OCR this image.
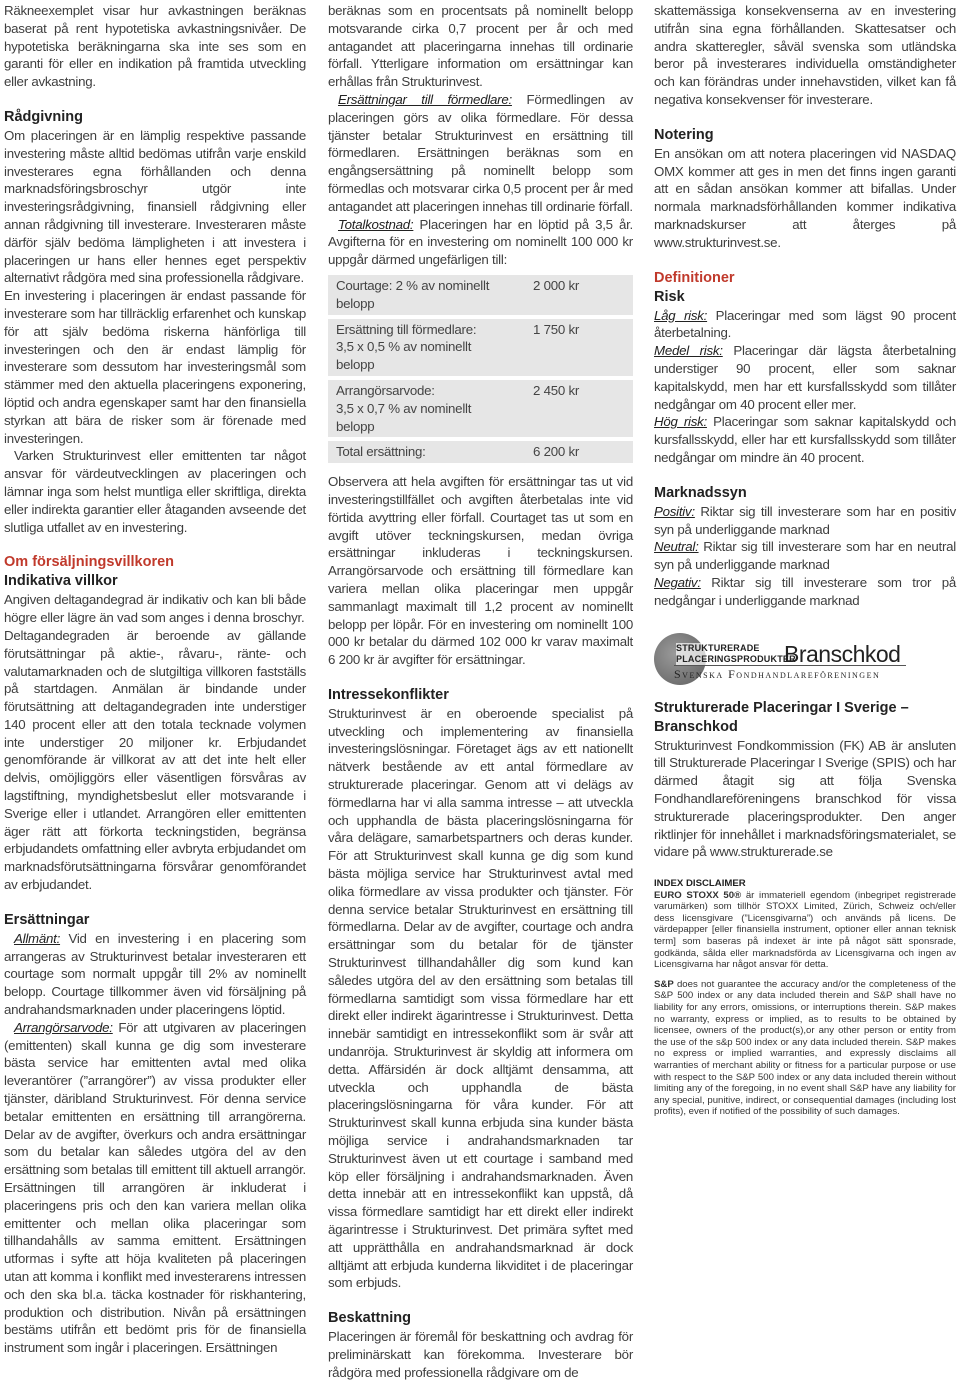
Räkneexemplet visar hur avkastningen beräknas baserat på rent hypotetiska avkastningsnivåer. De hypotetiska beräkningarna ska inte ses som en garanti för eller en indikation på framtida utveckling eller avkastning.

Rådgivning

Om placeringen är en lämplig respektive passande investering måste alltid bedömas utifrån varje enskild investerares egna förhållanden och denna marknadsföringsbroschyr utgör inte investeringsrådgivning, finansiell rådgivning eller annan rådgivning till investerare. Investeraren måste därför själv bedöma lämpligheten i att investera i placeringen ur hans eller hennes eget perspektiv alternativt rådgöra med sina professionella rådgivare.

En investering i placeringen är endast passande för investerare som har tillräcklig erfarenhet och kunskap för att själv bedöma riskerna hänförliga till investeringen och den är endast lämplig för investerare som dessutom har investeringsmål som stämmer med den aktuella placeringens exponering, löptid och andra egenskaper samt har den finansiella styrkan att bära de risker som är förenade med investeringen.

Varken Strukturinvest eller emittenten tar något ansvar för värdeutvecklingen av placeringen och lämnar inga som helst muntliga eller skriftliga, direkta eller indirekta garantier eller åtaganden avseende det slutliga utfallet av en investering.

Om försäljningsvillkoren
Indikativa villkor

Angiven deltagandegrad är indikativ och kan bli både högre eller lägre än vad som anges i denna broschyr.

Deltagandegraden är beroende av gällande förutsättningar på aktie-, råvaru-, ränte- och valutamarknaden och de slutgiltiga villkoren fastställs på startdagen. Anmälan är bindande under förutsättning att deltagandegraden inte understiger 140 procent eller att den totala tecknade volymen inte understiger 20 miljoner kr. Erbjudandet genomförande är villkorat av att det inte helt eller delvis, omöjliggörs eller väsentligen försvåras av lagstiftning, myndighetsbeslut eller motsvarande i Sverige eller i utlandet. Arrangören eller emittenten äger rätt att förkorta teckningstiden, begränsa erbjudandets omfattning eller avbryta erbjudandet om marknadsförutsättningarna försvårar genomförandet av erbjudandet.

Ersättningar

Allmänt: Vid en investering i en placering som arrangeras av Strukturinvest betalar investeraren ett courtage som normalt uppgår till 2% av nominellt belopp. Courtage tillkommer även vid försäljning på andrahandsmarknaden under placeringens löptid.

Arrangörsarvode: För att utgivaren av placeringen (emittenten) skall kunna ge dig som investerare bästa service har emittenten avtal med olika leverantörer (”arrangörer”) av vissa produkter eller tjänster, däribland Strukturinvest. För denna service betalar emittenten en ersättning till arrangörerna. Delar av de avgifter, överkurs och andra ersättningar som du betalar kan således utgöra del av den ersättning som betalas till emittent till aktuell arrangör. Ersättningen till arrangören är inkluderat i placeringens pris och den kan variera mellan olika emittenter och mellan olika placeringar som tillhandahålls av samma emittent. Ersättningen utformas i syfte att höja kvaliteten på placeringen utan att komma i konflikt med investerarens intressen och den ska bl.a. täcka kostnader för riskhantering, produktion och distribution. Nivån på ersättningen bestäms utifrån ett bedömt pris för de finansiella instrument som ingår i placeringen. Ersättningen

beräknas som en procentsats på nominellt belopp motsvarande cirka 0,7 procent per år och med antagandet att placeringarna innehas till ordinarie förfall. Ytterligare information om ersättningar kan erhållas från Strukturinvest.

Ersättningar till förmedlare: Förmedlingen av placeringen görs av olika förmedlare. För dessa tjänster betalar Strukturinvest en ersättning till förmedlaren. Ersättningen beräknas som en engångsersättning på nominellt belopp som förmedlas och motsvarar cirka 0,5 procent per år med antagandet att placeringen innehas till ordinarie förfall.

Totalkostnad: Placeringen har en löptid på 3,5 år. Avgifterna för en investering om nominellt 100 000 kr uppgår därmed ungefärligen till:

Courtage: 2 % av nominellt belopp	2 000 kr
Ersättning till förmedlare:
3,5 x 0,5 % av nominellt belopp	1 750 kr
Arrangörsarvode:
3,5 x 0,7 % av nominellt belopp	2 450 kr
Total ersättning:	6 200 kr

Observera att hela avgiften för ersättningar tas ut vid investeringstillfället och avgiften återbetalas inte vid förtida avyttring eller förfall. Courtaget tas ut som en avgift utöver teckningskursen, medan övriga ersättningar inkluderas i teckningskursen. Arrangörsarvode och ersättning till förmedlare kan variera mellan olika placeringar men uppgår sammanlagt maximalt till 1,2 procent av nominellt belopp per löpår. För en investering om nominellt 100 000 kr betalar du därmed 102 000 kr varav maximalt 6 200 kr är avgifter för ersättningar.

Intressekonflikter

Strukturinvest är en oberoende specialist på utveckling och implementering av finansiella investeringslösningar. Företaget ägs av ett nationellt nätverk bestående av ett antal förmedlare av strukturerade placeringar. Genom att vi delägs av förmedlarna har vi alla samma intresse – att utveckla och upphandla de bästa placeringslösningarna för våra delägare, samarbetspartners och deras kunder. För att Strukturinvest skall kunna ge dig som kund bästa möjliga service har Strukturinvest avtal med olika förmedlare av vissa produkter och tjänster. För denna service betalar Strukturinvest en ersättning till förmedlarna. Delar av de avgifter, courtage och andra ersättningar som du betalar för de tjänster Strukturinvest tillhandahåller dig som kund kan således utgöra del av den ersättning som betalas till förmedlarna samtidigt som vissa förmedlare har ett direkt eller indirekt ägarintresse i Strukturinvest. Detta innebär samtidigt en intressekonflikt som är svår att undanröja. Strukturinvest är skyldig att informera om detta. Affärsidén är dock alltjämt densamma, att utveckla och upphandla de bästa placeringslösningarna för våra kunder. För att Strukturinvest skall kunna erbjuda sina kunder bästa möjliga service i andrahandsmarknaden tar Strukturinvest även ut ett courtage i samband med köp eller försäljning i andrahandsmarknaden. Även detta innebär att en intressekonflikt kan uppstå, då vissa förmedlare samtidigt har ett direkt eller indirekt ägarintresse i Strukturinvest. Det primära syftet med att upprätthålla en andrahandsmarknad är dock alltjämt att erbjuda kunderna likviditet i de placeringar som erbjuds.

Beskattning

Placeringen är föremål för beskattning och avdrag för preliminärskatt kan förekomma. Investerare bör rådgöra med professionella rådgivare om de

skattemässiga konsekvenserna av en investering utifrån sina egna förhållanden. Skattesatser och andra skatteregler, såväl svenska som utländska beror på investerares individuella omständigheter och kan förändras under innehavstiden, vilket kan få negativa konsekvenser för investerare.

Notering

En ansökan om att notera placeringen vid NASDAQ OMX kommer att ges in men det finns ingen garanti att en sådan ansökan kommer att bifallas. Under normala marknadsförhållanden kommer indikativa marknadskurser att återges på www.strukturinvest.se.

Definitioner
Risk

Låg risk: Placeringar med som lägst 90 procent återbetalning.

Medel risk: Placeringar där lägsta återbetalning understiger 90 procent, eller som saknar kapitalskydd, men har ett kursfallsskydd som tillåter nedgångar om 40 procent eller mer.

Hög risk: Placeringar som saknar kapitalskydd och kursfallsskydd, eller har ett kursfallsskydd som tillåter nedgångar om mindre än 40 procent.

Marknadssyn

Positiv: Riktar sig till investerare som har en positiv syn på underliggande marknad

Neutral: Riktar sig till investerare som har en neutral syn på underliggande marknad

Negativ: Riktar sig till investerare som tror på nedgångar i underliggande marknad

STRUKTURERADE
PLACERINGSPRODUKTER
Branschkod
Svenska Fondhandlareföreningen
Strukturerade Placeringar I Sverige – Branschkod

Strukturinvest Fondkommission (FK) AB är ansluten till Strukturerade Placeringar I Sverige (SPIS) och har därmed åtagit sig att följa Svenska Fondhandlareföreningens branschkod för vissa strukturerade placeringsprodukter. Den anger riktlinjer för innehållet i marknadsföringsmaterialet, se vidare på www.strukturerade.se

INDEX DISCLAIMER

EURO STOXX 50® är immateriell egendom (inbegripet registrerade varumärken) som tillhör STOXX Limited, Zürich, Schweiz och/eller dess licensgivare (”Licensgivarna”) och används på licens. De värdepapper [eller finansiella instrument, optioner eller annan teknisk term] som baseras på indexet är inte på något sätt sponsrade, godkända, sålda eller marknadsförda av Licensgivarna och ingen av Licensgivarna har något ansvar för detta.

S&P does not guarantee the accuracy and/or the completeness of the S&P 500 index or any data included therein and S&P shall have no liability for any errors, omissions, or interruptions therein. S&P makes no warranty, express or implied, as to results to be obtained by licensee, owners of the product(s),or any other person or entity from the use of the s&p 500 index or any data included therein. S&P makes no express or implied warranties, and expressly disclaims all warranties of merchant ability or fitness for a particular purpose or use with respect to the S&P 500 index or any data included therein without limiting any of the foregoing, in no event shall S&P have any liability for any special, punitive, indirect, or consequential damages (including lost profits), even if notified of the possibility of such damages.
